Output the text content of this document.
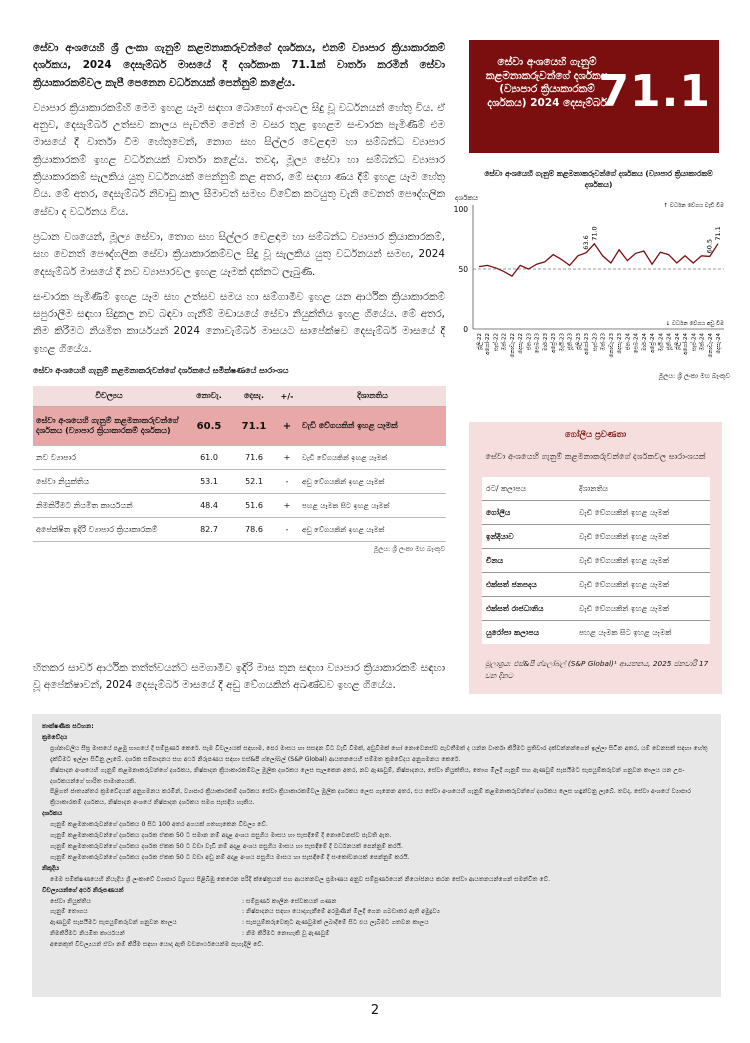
සේවා අංශයෙහි ශ්‍රී ලංකා ගැනුම් කළමනාකරුවන්ගේ දර්ශකය, එනම් ව්‍යාපාර ක්‍රියාකාරකම් දර්ශකය, 2024 දෙසැම්බර් මාසයේ දී දර්ශකාංක 71.1ක් වාර්තා කරමින් සේවා ක්‍රියාකාරකම්වල කැපී පෙනෙන වර්ධනයක් පෙන්නුම් කළේය.

ව්‍යාපාර ක්‍රියාකාරකම්හි මෙම ඉහළ යෑම සඳහා බොහෝ අංශවල සිදු වූ වර්ධනයන් හේතු විය. ඒ අනුව, දෙසැම්බර් උත්සව කාලය පැවතීම මෙන් ම වසර තුළ ඉහළම සංචාරක පැමිණීම් එම මාසයේ දී වාර්තා වීම හේතුවෙන්, නොග සහ සිල්ලර වෙළඳාම හා සම්බන්ධ ව්‍යාපාර ක්‍රියාකාරකම් ඉහළ වර්ධනයක් වාර්තා කළේය. තවද, මූල්‍ය සේවා හා සම්බන්ධ ව්‍යාපාර ක්‍රියාකාරකම් සැලකිය යුතු වර්ධනයක් පෙන්නුම් කළ අතර, මේ සඳහා ණය දීම් ඉහළ යෑම හේතු විය. මේ අතර, දෙසැම්බර් නිවාඩු කාල සීමාවත් සමඟ විවේක කටයුතු වැනි වෙනත් පෞද්ගලික සේවා ද වර්ධනය විය.

ප්‍රධාන වශයෙන්, මූල්‍ය සේවා, තොග සහ සිල්ලර වෙළඳාම හා සම්බන්ධ ව්‍යාපාර ක්‍රියාකාරකම්, සහ වෙනත් පෞද්ගලික සේවා ක්‍රියාකාරකම්වල සිදු වූ සැලකිය යුතු වර්ධනයන් සමඟ, 2024 දෙසැම්බර් මාසයේ දී නව ව්‍යාපාරවල ඉහළ යෑමක් දක්නට ලැබුණි.

සංචාරක පැමිණීම් ඉහළ යෑම සහ උත්සව සමය හා සම්ගාමීව ඉහළ යන ආර්ථික ක්‍රියාකාරකම් සපුරාලීම සඳහා සිදුකල නව බඳවා ගැනීම් මඩායයේ සේවා නියුක්තිය ඉහළ ගියේය. මේ අතර, නිම කිරීමට නියමිත කාර්යයන් 2024 නොවැම්බර් මාසයට සාපේක්ෂව දෙසැම්බර් මාසයේ දී ඉහළ ගියේය.

සේවා අංශයෙහි ගැනුම් කළමනාකරුවන්ගේ දර්ශකයේ සමීක්ෂණයේ සාරාංශය
විචල්‍යය	නොවැ.	දෙසැ.	+/-	දිශානතිය
සේවා අංශයෙහි ගැනුම් කළමනාකරුවන්ගේ දර්ශකය (ව්‍යාපාර ක්‍රියාකාරකම් දර්ශකය)	60.5	71.1	+	වැඩි වේගයකින් ඉහළ යෑමක්
නව ව්‍යාපාර	61.0	71.6	+	වැඩි වේගයකින් ඉහළ යෑමක්
සේවා නියුක්තිය	53.1	52.1	-	අඩු වේගයකින් ඉහළ යෑමක්
නිමකිරීමට නියමිත කාර්යයන්	48.4	51.6	+	පහළ යෑමක සිට ඉහළ යෑමක්
අපේක්ෂිත ඉදිරි ව්‍යාපාර ක්‍රියාකාරකම්	82.7	78.6	-	අඩු වේගයකින් ඉහළ යෑමක්
මූලය: ශ්‍රී ලංකා මහ බැංකුව
හිතකර සාර්ව ආර්ථික තත්ත්වයන්ට සමගාමීව ඉදිරි මාස තුන සඳහා ව්‍යාපාර ක්‍රියාකාරකම් සඳහා වූ අපේක්ෂාවන්, 2024 දෙසැම්බර් මාසයේ දී අඩු වේගයකින් අඛණ්ඩව ඉහළ ගියේය.
සේවා අංශයෙහි ගැනුම් කළමනාකරුවන්ගේ දර්ශකය (ව්‍යාපාර ක්‍රියාකාරකම් දර්ශකය) 2024 දෙසැම්බර්
71.1
සේවා අංශයෙහි ගැනුම් කළමනාකරුවන්ගේ දර්ශකය (ව්‍යාපාර ක්‍රියාකාරකම් දර්ශකය)
දර්ශකය
0
50
100
ජූලි-22 අගෝ-22 සැප්-22 ඔක්-22 නොවැ-22 දෙසැ-22 ජන-23 පෙබ-23 මාර්-23 අප්‍රේ-23 මැයි-23 ජූනි-23 ජූලි-23 අගෝ-23 සැප්-23 ඔක්-23 නොවැ-23 දෙසැ-23 ජන-24 පෙබ-24 මාර්-24 අප්‍රේ-24 මැයි-24 ජූනි-24 ජූලි-24 අගෝ-24 සැප්-24 ඔක්-24 නොවැ-24 දෙසැ-24
63.6
71.0
60.5
71.1
↑ වර්ධන වේගය වැඩි වීම
↓ වර්ධන වේගය අඩු වීම
මූලය: ශ්‍රී ලංකා මහ බැංකුව
ගෝලීය ප්‍රවණතා
සේවා අංශයෙහි ගැනුම් කළමනාකරුවන්ගේ දර්ශකවල සාරාංශයක්
රට/ කලාපය	දිශානතිය
ගෝලීය	වැඩි වේගයකින් ඉහළ යෑමක්
ඉන්දියාව	වැඩි වේගයකින් ඉහළ යෑමක්
චීනය	වැඩි වේගයකින් ඉහළ යෑමක්
එක්සත් ජනපදය	වැඩි වේගයකින් ඉහළ යෑමක්
එක්සත් රාජධානිය	වැඩි වේගයකින් ඉහළ යෑමක්
යුරෝපා කලාපය	පහළ යෑමක සිට ඉහළ යෑමක්
මූලාශ්‍රය: එස්&පී ග්ලෝබල් (S&P Global)¹ ආයතනය, 2025 ජනවාරි 17 වන දිනට
තාක්ෂණික සටහන:
ක්‍රමවේදය
ප්‍රශ්නාවලිය සීඝ්‍ර මාසයේ පළමු භාගයේ දී සම්පූර්ණ කෙරේ. සෑම විචල්‍යයක් සඳහාම, පෙර මාසය හා සසඳන විට වැඩි වීමක්, අඩුවීමක් හෝ නොවෙනස්ව පැවතීමක් ද යන්න වාර්තා කිරීමට ප්‍රතිචාර දක්වන්නන්ගෙන් ඉල්ලා සිටින අතර, යම් වෙනසක් සඳහා හේතු දැක්වීමට ඉල්ලා සිටිනු ලැබේ. දර්ශක සම්පාදනය සහ අර්ථ නිරූපණය සඳහා එස්&පී ග්ලෝබල් (S&P Global) ආයතනයෙහි සම්මත ක්‍රමවේදය අනුගමනය කෙරේ.
නිෂ්පාදන අංශයෙහි ගැනුම් කළමනාකරුවන්ගේ දර්ශකය, නිෂ්පාදන ක්‍රියාකාරකම්වල මූලික දර්ශකය ලෙස සැලකෙන අතර, නව ඇණවුම්, නිෂ්පාදනය, සේවා නියුක්තිය, තොග මිලදී ගැනුම් සහ ඇණවුම් සැපයීමට සැපයුම්කරුවන් ගනුවන කාලය යන උප-දර්ශකයන්ගේ භාරිත සාමාන්‍යයකි.
පිළිගත් ජාත්‍යන්තර ක්‍රමවේදයන් අනුගමනය කරමින්, ව්‍යාපාර ක්‍රියාකාරකම් දර්ශකය සේවා ක්‍රියාකාරකම්වල මූලික දර්ශකය ලෙස ගැනෙන අතර, එය සේවා අංශයෙහි ගැනුම් කළමනාකරුවන්ගේ දර්ශකය ලෙස හඳුන්වනු ලැබේ. තවද, සේවා අංශයේ ව්‍යාපාර ක්‍රියාකාරකම් දර්ශකය, නිෂ්පාදන අංශයේ නිෂ්පාදන දර්ශකය සමග සැසඳිය හැකිය.
දර්ශකය
ගැනුම් කළමනාකරුවන්ගේ දර්ශකය 0 සිට 100 අතර අගයක් ගතහැකෙන විචල්‍ය වේ.
ගැනුම් කළමනාකරුවන්ගේ දර්ශකය දර්ශක ඒකක 50 ට සමාන නම් අදාළ අංශය පසුගිය මාසය හා සැසඳීමේ දී නොවෙනස්ව පැවති ඇත.
ගැනුම් කළමනාකරුවන්ගේ දර්ශකය දර්ශක ඒකක 50 ට වඩා වැඩි නම් අදාළ අංශය පසුගිය මාසය හා සැසඳීමේ දී වර්ධනයක් පෙන්නුම් කරයි.
ගැනුම් කළමනාකරුවන්ගේ දර්ශකය දර්ශක ඒකක 50 ට වඩා අඩු නම් අදාළ අංශය පසුගිය මාසය හා සැසඳීමේ දී සංකෝචනයක් පෙන්නුම් කරයි.
නිකුදිය
මෙම සමීක්ෂණයෙහි නියැදිය ශ්‍රී ලංකාවේ ව්‍යාපාර ව්‍යුහය පිළිබිඹු කෙරෙන පරිදි ක්ෂේත්‍රයන් සහ ආයතනවල ප්‍රමාණය අනුව සම්පූර්ණයෙන් නියෝජනය කරන සේවා ආයතනයන්ගෙන් සමන්විත වේ.
විචල්‍යයන්ගේ අර්ථ නිරූපණයන්
සේවා නියුක්තිය	: සම්පූර්ණ කාලීන සේවකයන් ගණන
ගැනුම් තොගය	: නිෂ්පාදනය සඳහා යොදාගැනීමේ අරමුණින් මිලදී ගෙන ගබඩාකර ඇති අමුද්‍රව්‍ය
ඇණවුම් සැපයීමට සැපයුම්කරුවන් ගනුවන කාලය	: සැපයුම්කරුවෙකුට ඇණවුමක් ලබාදීමේ සිට එය ලැබීමට ගතවන කාලය
නිමකිරීමට නියමිත කාර්යයන්	: නිම කිරීමට නොහැකි වූ ඇණවුම්
අනෙකුත් විචල්‍යයන් ඒවා නම් කිරීම සඳහා යොදා ඇති වචනාර්ථයෙන්ම පැහැදිලි වේ.
2
